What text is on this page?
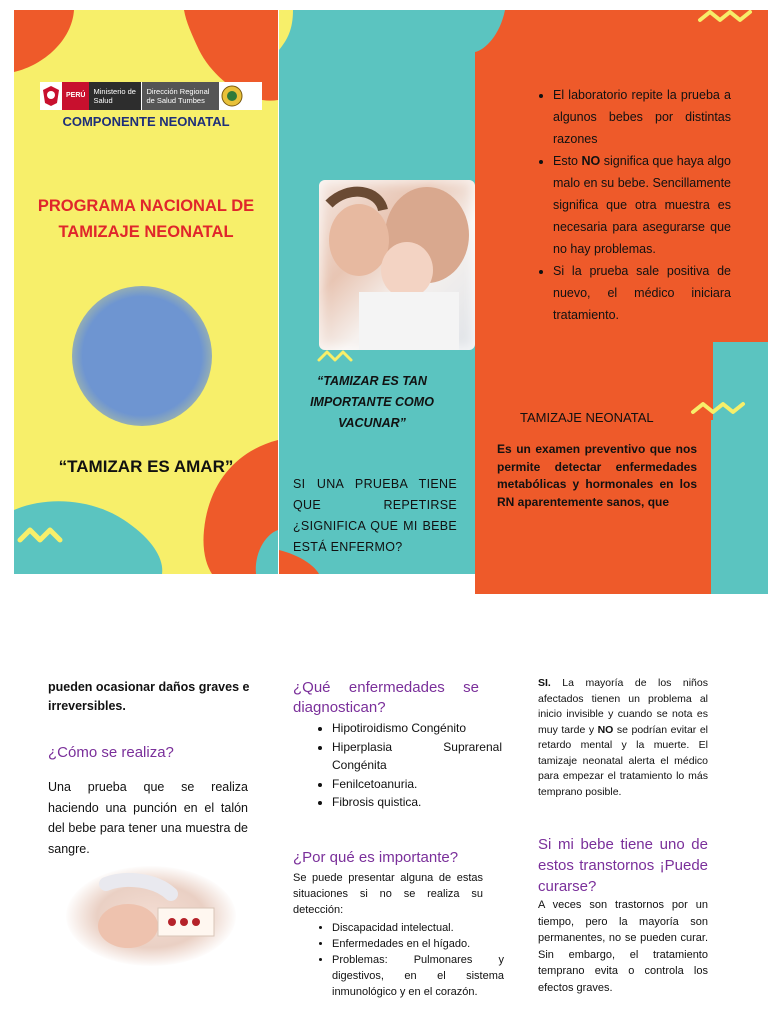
PERÚ	Ministerio de Salud
Dirección Regional de Salud Tumbes
COMPONENTE NEONATAL
PROGRAMA NACIONAL DE
TAMIZAJE NEONATAL
“TAMIZAR ES AMAR”
“TAMIZAR ES TAN IMPORTANTE COMO VACUNAR”
SI UNA PRUEBA TIENE QUE REPETIRSE ¿SIGNIFICA QUE MI BEBE ESTÁ ENFERMO?
• El laboratorio repite la prueba a algunos bebes por distintas razones
• Esto NO significa que haya algo malo en su bebe. Sencillamente significa que otra muestra es necesaria para asegurarse que no hay problemas.
• Si la prueba sale positiva de nuevo, el médico iniciara tratamiento.
TAMIZAJE NEONATAL
Es un examen preventivo que nos permite detectar enfermedades metabólicas y hormonales en los RN aparentemente sanos, que
pueden ocasionar daños graves e irreversibles.
¿Cómo se realiza?
Una prueba que se realiza haciendo una punción en el talón del bebe para tener una muestra de sangre.
¿Qué enfermedades se diagnostican?
• Hipotiroidismo Congénito
• Hiperplasia Suprarenal Congénita
• Fenilcetoanuria.
• Fibrosis quistica.
¿Por qué es importante?
Se puede presentar alguna de estas situaciones si no se realiza su detección:
• Discapacidad intelectual.
• Enfermedades en el hígado.
• Problemas: Pulmonares y digestivos, en el sistema inmunológico y en el corazón.
SI. La mayoría de los niños afectados tienen un problema al inicio invisible y cuando se nota es muy tarde y NO se podrían evitar el retardo mental y la muerte. El tamizaje neonatal alerta el médico para empezar el tratamiento lo más temprano posible.
Si mi bebe tiene uno de estos transtornos ¡Puede curarse?
A veces son trastornos por un tiempo, pero la mayoría son permanentes, no se pueden curar. Sin embargo, el tratamiento temprano evita o controla los efectos graves.
